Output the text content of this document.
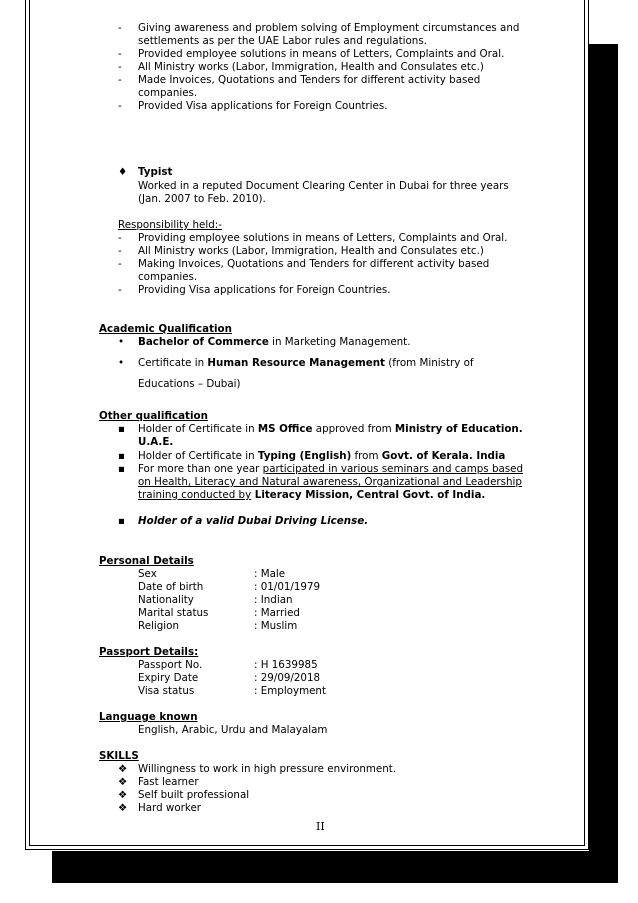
- Giving awareness and problem solving of Employment circumstances and
settlements as per the UAE Labor rules and regulations.
- Provided employee solutions in means of Letters, Complaints and Oral.
- All Ministry works (Labor, Immigration, Health and Consulates etc.)
- Made Invoices, Quotations and Tenders for different activity based
companies.
- Provided Visa applications for Foreign Countries.
♦ Typist
Worked in a reputed Document Clearing Center in Dubai for three years
(Jan. 2007 to Feb. 2010).
Responsibility held:-
- Providing employee solutions in means of Letters, Complaints and Oral.
- All Ministry works (Labor, Immigration, Health and Consulates etc.)
- Making Invoices, Quotations and Tenders for different activity based
companies.
- Providing Visa applications for Foreign Countries.
Academic Qualification
• Bachelor of Commerce in Marketing Management.
• Certificate in Human Resource Management (from Ministry of
Educations – Dubai)
Other qualification
▪ Holder of Certificate in MS Office approved from Ministry of Education.
U.A.E.
▪ Holder of Certificate in Typing (English) from Govt. of Kerala. India
▪ For more than one year participated in various seminars and camps based
on Health, Literacy and Natural awareness, Organizational and Leadership
training conducted by Literacy Mission, Central Govt. of India.
▪ Holder of a valid Dubai Driving License.
Personal Details
Sex	: Male
Date of birth	: 01/01/1979
Nationality	: Indian
Marital status	: Married
Religion	: Muslim
Passport Details:
Passport No.	: H 1639985
Expiry Date	: 29/09/2018
Visa status	: Employment
Language known
English, Arabic, Urdu and Malayalam
SKILLS
❖ Willingness to work in high pressure environment.
❖ Fast learner
❖ Self built professional
❖ Hard worker
II
